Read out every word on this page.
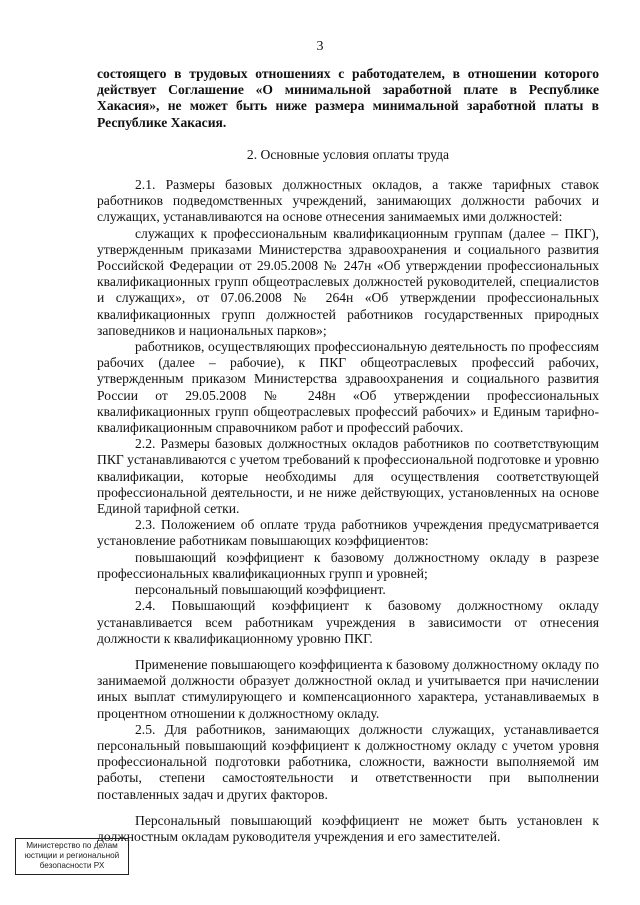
3

состоящего в трудовых отношениях с работодателем, в отношении которого действует Соглашение «О минимальной заработной плате в Республике Хакасия», не может быть ниже размера минимальной заработной платы в Республике Хакасия.

2. Основные условия оплаты труда

2.1. Размеры базовых должностных окладов, а также тарифных ставок работников подведомственных учреждений, занимающих должности рабочих и служащих, устанавливаются на основе отнесения занимаемых ими должностей:

служащих к профессиональным квалификационным группам (далее – ПКГ), утвержденным приказами Министерства здравоохранения и социального развития Российской Федерации от 29.05.2008 № 247н «Об утверждении профессиональных квалификационных групп общеотраслевых должностей руководителей, специалистов и служащих», от 07.06.2008 № 264н «Об утверждении профессиональных квалификационных групп должностей работников государственных природных заповедников и национальных парков»;

работников, осуществляющих профессиональную деятельность по профессиям рабочих (далее – рабочие), к ПКГ общеотраслевых профессий рабочих, утвержденным приказом Министерства здравоохранения и социального развития России от 29.05.2008 № 248н «Об утверждении профессиональных квалификационных групп общеотраслевых профессий рабочих» и Единым тарифно-квалификационным справочником работ и профессий рабочих.

2.2. Размеры базовых должностных окладов работников по соответствующим ПКГ устанавливаются с учетом требований к профессиональной подготовке и уровню квалификации, которые необходимы для осуществления соответствующей профессиональной деятельности, и не ниже действующих, установленных на основе Единой тарифной сетки.

2.3. Положением об оплате труда работников учреждения предусматривается установление работникам повышающих коэффициентов:

повышающий коэффициент к базовому должностному окладу в разрезе профессиональных квалификационных групп и уровней;

персональный повышающий коэффициент.

2.4. Повышающий коэффициент к базовому должностному окладу устанавливается всем работникам учреждения в зависимости от отнесения должности к квалификационному уровню ПКГ.

Применение повышающего коэффициента к базовому должностному окладу по занимаемой должности образует должностной оклад и учитывается при начислении иных выплат стимулирующего и компенсационного характера, устанавливаемых в процентном отношении к должностному окладу.

2.5. Для работников, занимающих должности служащих, устанавливается персональный повышающий коэффициент к должностному окладу с учетом уровня профессиональной подготовки работника, сложности, важности выполняемой им работы, степени самостоятельности и ответственности при выполнении поставленных задач и других факторов.

Персональный повышающий коэффициент не может быть установлен к должностным окладам руководителя учреждения и его заместителей.

Министерство по делам
юстиции и региональной
безопасности РХ
